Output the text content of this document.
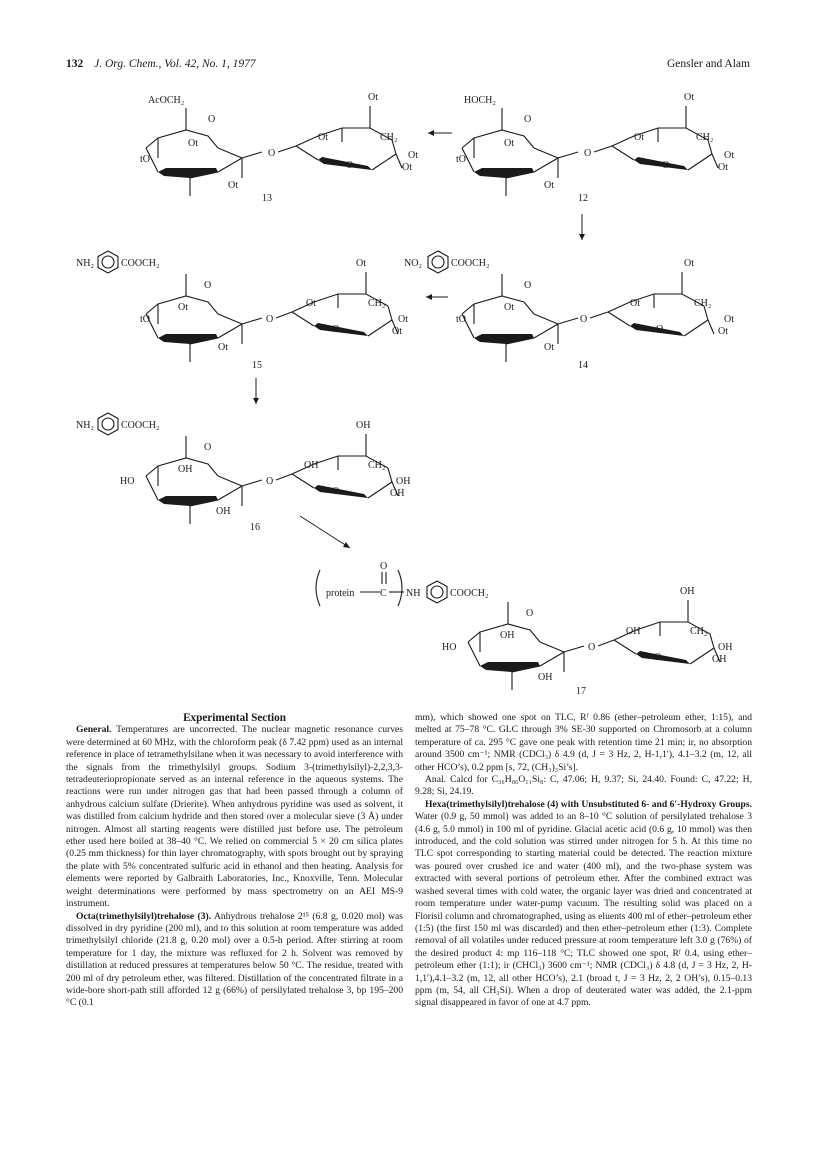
132 J. Org. Chem., Vol. 42, No. 1, 1977	Gensler and Alam
AcOCH₂
O
Ot
Ot
tO
Ot
Ot	CH₂
O
O
Ot
Ot
13
HOCH₂
O
Ot
Ot
tO
Ot
Ot	CH₂
O
O
Ot
Ot
12
NH₂	COOCH₂
O
Ot
Ot
tO
Ot
Ot	CH₂
O
O
Ot
Ot
15
NO₂	COOCH₂
O
Ot
Ot
tO
Ot
Ot	CH₂
O
O
Ot
Ot
14
NH₂	COOCH₂
O
OH
OH
HO
OH
OH	CH₂
O
O
OH
OH
16
protein	C
O
NH	COOCH₂
O
OH
OH
HO
OH
OH	CH₂
O
O
OH
OH
17

Experimental Section

General. Temperatures are uncorrected. The nuclear magnetic resonance curves were determined at 60 MHz, with the chloroform peak (δ 7.42 ppm) used as an internal reference in place of tetramethylsilane when it was necessary to avoid interference with the signals from the trimethylsilyl groups. Sodium 3-(trimethylsilyl)-2,2,3,3-tetradeuteriopropionate served as an internal reference in the aqueous systems. The reactions were run under nitrogen gas that had been passed through a column of anhydrous calcium sulfate (Drierite). When anhydrous pyridine was used as solvent, it was distilled from calcium hydride and then stored over a molecular sieve (3 Å) under nitrogen. Almost all starting reagents were distilled just before use. The petroleum ether used here boiled at 38–40 °C. We relied on commercial 5 × 20 cm silica plates (0.25 mm thickness) for thin layer chromatography, with spots brought out by spraying the plate with 5% concentrated sulfuric acid in ethanol and then heating. Analysis for elements were reported by Galbraith Laboratories, Inc., Knoxville, Tenn. Molecular weight determinations were performed by mass spectrometry on an AEI MS-9 instrument.

Octa(trimethylsilyl)trehalose (3). Anhydrous trehalose 2¹⁵ (6.8 g, 0.020 mol) was dissolved in dry pyridine (200 ml), and to this solution at room temperature was added trimethylsilyl chloride (21.8 g, 0.20 mol) over a 0.5-h period. After stirring at room temperature for 1 day, the mixture was refluxed for 2 h. Solvent was removed by distillation at reduced pressures at temperatures below 50 °C. The residue, treated with 200 ml of dry petroleum ether, was filtered. Distillation of the concentrated filtrate in a wide-bore short-path still afforded 12 g (66%) of persilylated trehalose 3, bp 195–200 °C (0.1

mm), which showed one spot on TLC, Rᶠ 0.86 (ether–petroleum ether, 1:15), and melted at 75–78 °C. GLC through 3% SE-30 supported on Chromosorb at a column temperature of ca. 295 °C gave one peak with retention time 21 min; ir, no absorption around 3500 cm⁻¹; NMR (CDCl₃) δ 4.9 (d, J = 3 Hz, 2, H-1,1′), 4.1–3.2 (m, 12, all other HCO’s), 0.2 ppm [s, 72, (CH₃)₃Si’s].

Anal. Calcd for C₃₆H₈₆O₁₁Si₈: C, 47.06; H, 9.37; Si, 24.40. Found: C, 47.22; H, 9.28; Si, 24.19.

Hexa(trimethylsilyl)trehalose (4) with Unsubstituted 6- and 6′-Hydroxy Groups. Water (0.9 g, 50 mmol) was added to an 8–10 °C solution of persilylated trehalose 3 (4.6 g, 5.0 mmol) in 100 ml of pyridine. Glacial acetic acid (0.6 g, 10 mmol) was then introduced, and the cold solution was stirred under nitrogen for 5 h. At this time no TLC spot corresponding to starting material could be detected. The reaction mixture was poured over crushed ice and water (400 ml), and the two-phase system was extracted with several portions of petroleum ether. After the combined extract was washed several times with cold water, the organic layer was dried and concentrated at room temperature under water-pump vacuum. The resulting solid was placed on a Florisil column and chromatographed, using as eluents 400 ml of ether–petroleum ether (1:5) (the first 150 ml was discarded) and then ether–petroleum ether (1:3). Complete removal of all volatiles under reduced pressure at room temperature left 3.0 g (76%) of the desired product 4: mp 116–118 °C; TLC showed one spot, Rᶠ 0.4, using ether–petroleum ether (1:1); ir (CHCl₃) 3600 cm⁻¹; NMR (CDCl₃) δ 4.8 (d, J = 3 Hz, 2, H-1,1′),4.1–3.2 (m, 12, all other HCO’s), 2.1 (broad t, J = 3 Hz, 2, 2 OH’s), 0.15–0.13 ppm (m, 54, all CH₃Si). When a drop of deuterated water was added, the 2.1-ppm signal disappeared in favor of one at 4.7 ppm.
